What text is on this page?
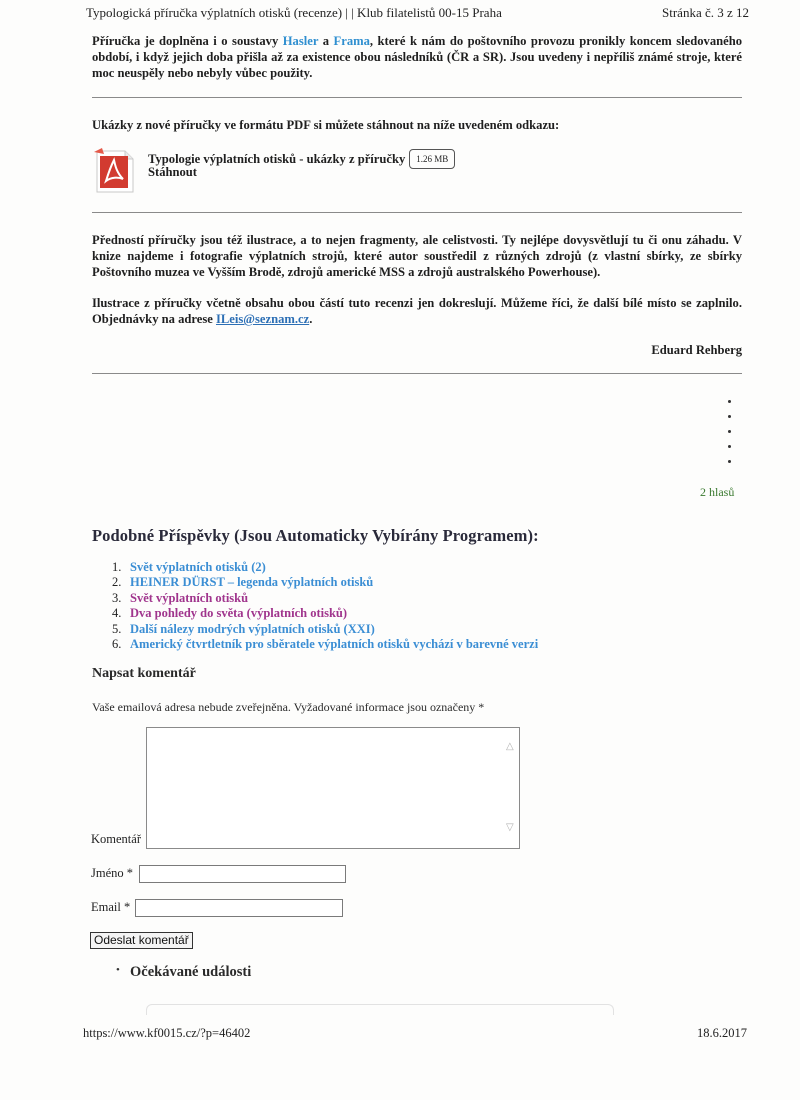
Typologická příručka výplatních otisků (recenze) | | Klub filatelistů 00-15 Praha	Stránka č. 3 z 12
Příručka je doplněna i o soustavy Hasler a Frama, které k nám do poštovního provozu pronikly koncem sledovaného období, i když jejich doba přišla až za existence obou následníků (ČR a SR). Jsou uvedeny i nepříliš známé stroje, které moc neuspěly nebo nebyly vůbec použity.
Ukázky z nové příručky ve formátu PDF si můžete stáhnout na níže uvedeném odkazu:
Typologie výplatních otisků - ukázky z příručky 1.26 MB
Stáhnout
Předností příručky jsou též ilustrace, a to nejen fragmenty, ale celistvosti. Ty nejlépe dovysvětlují tu či onu záhadu. V knize najdeme i fotografie výplatních strojů, které autor soustředil z různých zdrojů (z vlastní sbírky, ze sbírky Poštovního muzea ve Vyšším Brodě, zdrojů americké MSS a zdrojů australského Powerhouse).
Ilustrace z příručky včetně obsahu obou částí tuto recenzi jen dokreslují. Můžeme říci, že další bílé místo se zaplnilo. Objednávky na adrese ILeis@seznam.cz.
Eduard Rehberg
2 hlasů
Podobné Příspěvky (Jsou Automaticky Vybírány Programem):
1. Svět výplatních otisků (2)
2. HEINER DÜRST – legenda výplatních otisků
3. Svět výplatních otisků
4. Dva pohledy do světa (výplatních otisků)
5. Další nálezy modrých výplatních otisků (XXI)
6. Americký čtvrtletník pro sběratele výplatních otisků vychází v barevné verzi
Napsat komentář
Vaše emailová adresa nebude zveřejněna. Vyžadované informace jsou označeny *
△
▽
Komentář
Jméno *
Email *
Odeslat komentář
• Očekávané události
https://www.kf0015.cz/?p=46402	18.6.2017
